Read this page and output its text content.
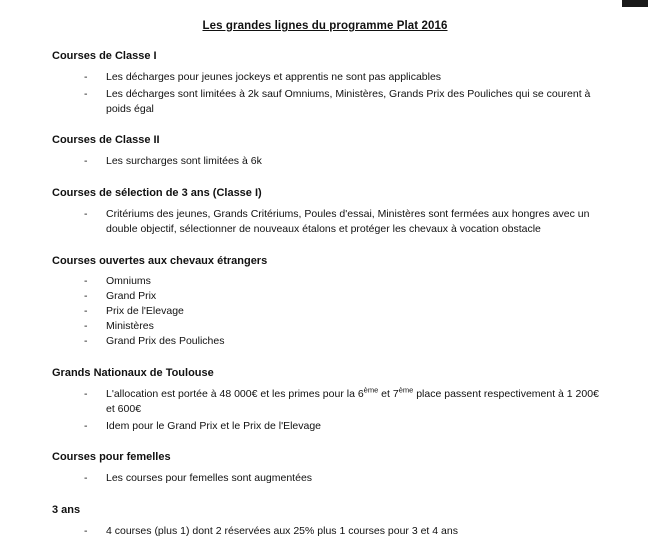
Les grandes lignes du programme Plat 2016
Courses de Classe I
- Les décharges pour jeunes jockeys et apprentis ne sont pas applicables
- Les décharges sont limitées à 2k sauf Omniums, Ministères, Grands Prix des Pouliches qui se courent à poids égal
Courses de Classe II
- Les surcharges sont limitées à 6k
Courses de sélection de 3 ans (Classe I)
- Critériums des jeunes, Grands Critériums, Poules d'essai, Ministères sont fermées aux hongres avec un double objectif, sélectionner de nouveaux étalons et protéger les chevaux à vocation obstacle
Courses ouvertes aux chevaux étrangers
- Omniums
- Grand Prix
- Prix de l'Elevage
- Ministères
- Grand Prix des Pouliches
Grands Nationaux de Toulouse
- L'allocation est portée à 48 000€ et les primes pour la 6ème et 7ème place passent respectivement à 1 200€ et 600€
- Idem pour le Grand Prix et le Prix de l'Elevage
Courses pour femelles
- Les courses pour femelles sont augmentées
3 ans
- 4 courses (plus 1) dont 2 réservées aux 25% plus 1 courses pour 3 et 4 ans
